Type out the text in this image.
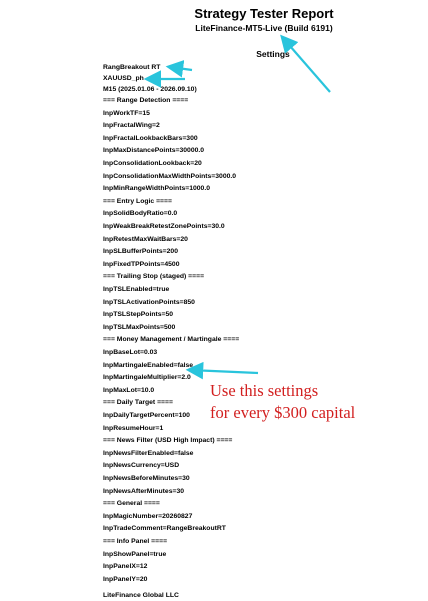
Strategy Tester Report
LiteFinance-MT5-Live (Build 6191)
Settings
RangBreakout RT
XAUUSD_ph
M15 (2025.01.06 - 2026.09.10)
=== Range Detection ====
InpWorkTF=15
InpFractalWing=2
InpFractalLookbackBars=300
InpMaxDistancePoints=30000.0
InpConsolidationLookback=20
InpConsolidationMaxWidthPoints=3000.0
InpMinRangeWidthPoints=1000.0
=== Entry Logic ====
InpSolidBodyRatio=0.0
InpWeakBreakRetestZonePoints=30.0
InpRetestMaxWaitBars=20
InpSLBufferPoints=200
InpFixedTPPoints=4500
=== Trailing Stop (staged) ====
InpTSLEnabled=true
InpTSLActivationPoints=850
InpTSLStepPoints=50
InpTSLMaxPoints=500
=== Money Management / Martingale ====
InpBaseLot=0.03
InpMartingaleEnabled=false
InpMartingaleMultiplier=2.0
InpMaxLot=10.0
=== Daily Target ====
InpDailyTargetPercent=100
InpResumeHour=1
=== News Filter (USD High Impact) ====
InpNewsFilterEnabled=false
InpNewsCurrency=USD
InpNewsBeforeMinutes=30
InpNewsAfterMinutes=30
=== General ====
InpMagicNumber=20260827
InpTradeComment=RangeBreakoutRT
=== Info Panel ====
InpShowPanel=true
InpPanelX=12
InpPanelY=20
LiteFinance Global LLC
Use this settings
for every $300 capital
